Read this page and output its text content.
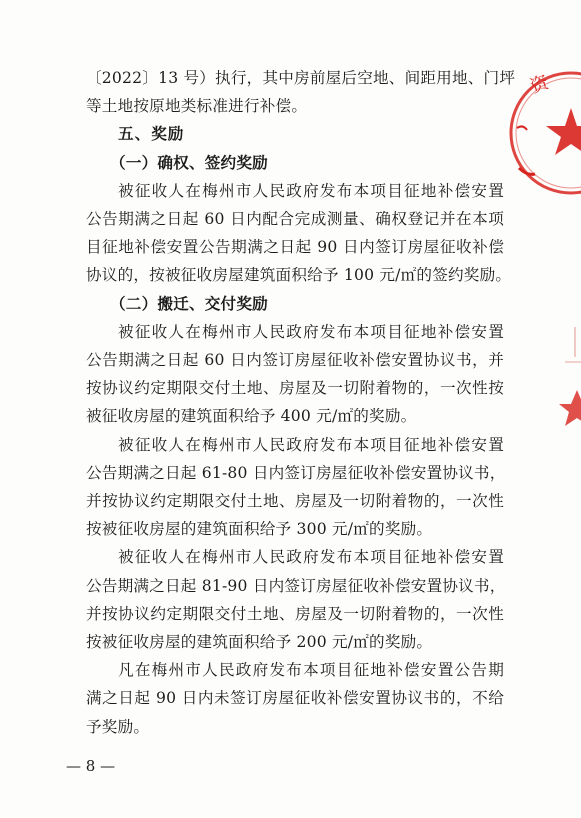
〔2022〕13 号）执行，其中房前屋后空地、间距用地、门坪
等土地按原地类标准进行补偿。
五、奖励
（一）确权、签约奖励
被征收人在梅州市人民政府发布本项目征地补偿安置
公告期满之日起 60 日内配合完成测量、确权登记并在本项
目征地补偿安置公告期满之日起 90 日内签订房屋征收补偿
协议的，按被征收房屋建筑面积给予 100 元/㎡的签约奖励。
（二）搬迁、交付奖励
被征收人在梅州市人民政府发布本项目征地补偿安置
公告期满之日起 60 日内签订房屋征收补偿安置协议书，并
按协议约定期限交付土地、房屋及一切附着物的，一次性按
被征收房屋的建筑面积给予 400 元/㎡的奖励。
被征收人在梅州市人民政府发布本项目征地补偿安置
公告期满之日起 61-80 日内签订房屋征收补偿安置协议书，
并按协议约定期限交付土地、房屋及一切附着物的，一次性
按被征收房屋的建筑面积给予 300 元/㎡的奖励。
被征收人在梅州市人民政府发布本项目征地补偿安置
公告期满之日起 81-90 日内签订房屋征收补偿安置协议书，
并按协议约定期限交付土地、房屋及一切附着物的，一次性
按被征收房屋的建筑面积给予 200 元/㎡的奖励。
凡在梅州市人民政府发布本项目征地补偿安置公告期
满之日起 90 日内未签订房屋征收补偿安置协议书的，不给
予奖励。
— 8 —
资
